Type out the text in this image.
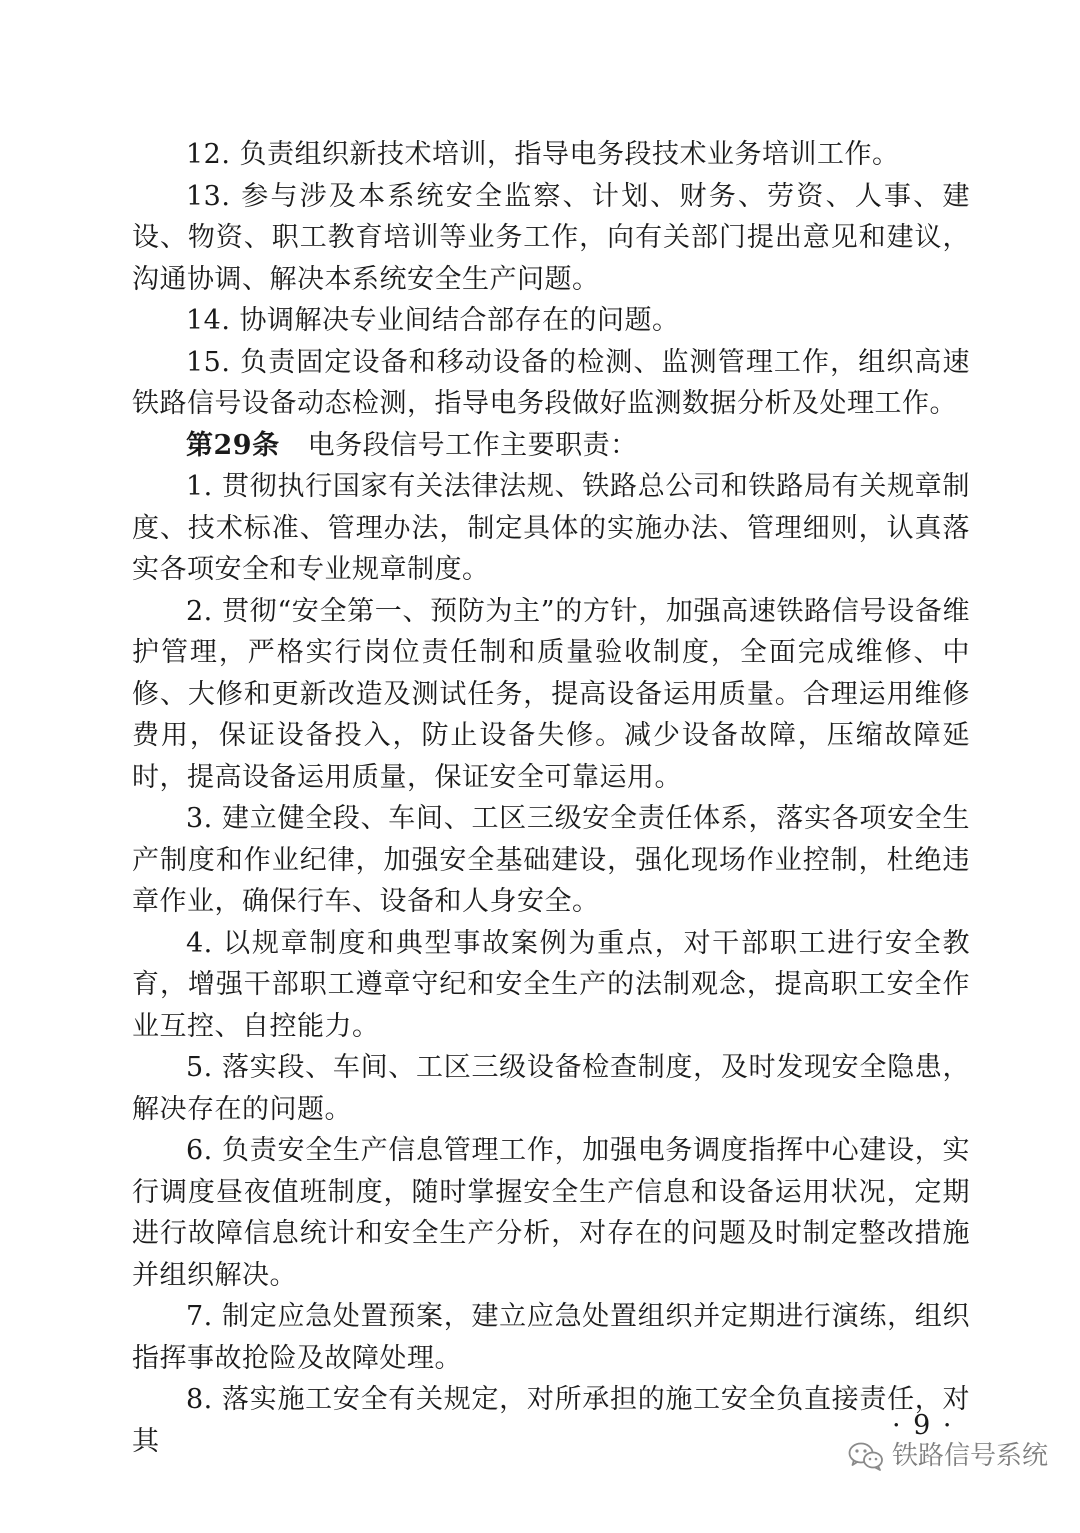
12. 负责组织新技术培训，指导电务段技术业务培训工作。

13. 参与涉及本系统安全监察、计划、财务、劳资、人事、建设、物资、职工教育培训等业务工作，向有关部门提出意见和建议，沟通协调、解决本系统安全生产问题。

14. 协调解决专业间结合部存在的问题。

15. 负责固定设备和移动设备的检测、监测管理工作，组织高速铁路信号设备动态检测，指导电务段做好监测数据分析及处理工作。

第29条 电务段信号工作主要职责：

1. 贯彻执行国家有关法律法规、铁路总公司和铁路局有关规章制度、技术标准、管理办法，制定具体的实施办法、管理细则，认真落实各项安全和专业规章制度。

2. 贯彻“安全第一、预防为主”的方针，加强高速铁路信号设备维护管理，严格实行岗位责任制和质量验收制度，全面完成维修、中修、大修和更新改造及测试任务，提高设备运用质量。合理运用维修费用，保证设备投入，防止设备失修。减少设备故障，压缩故障延时，提高设备运用质量，保证安全可靠运用。

3. 建立健全段、车间、工区三级安全责任体系，落实各项安全生产制度和作业纪律，加强安全基础建设，强化现场作业控制，杜绝违章作业，确保行车、设备和人身安全。

4. 以规章制度和典型事故案例为重点，对干部职工进行安全教育，增强干部职工遵章守纪和安全生产的法制观念，提高职工安全作业互控、自控能力。

5. 落实段、车间、工区三级设备检查制度，及时发现安全隐患，解决存在的问题。

6. 负责安全生产信息管理工作，加强电务调度指挥中心建设，实行调度昼夜值班制度，随时掌握安全生产信息和设备运用状况，定期进行故障信息统计和安全生产分析，对存在的问题及时制定整改措施并组织解决。

7. 制定应急处置预案，建立应急处置组织并定期进行演练，组织指挥事故抢险及故障处理。

8. 落实施工安全有关规定，对所承担的施工安全负直接责任，对其	· 9 ·
铁路信号系统
